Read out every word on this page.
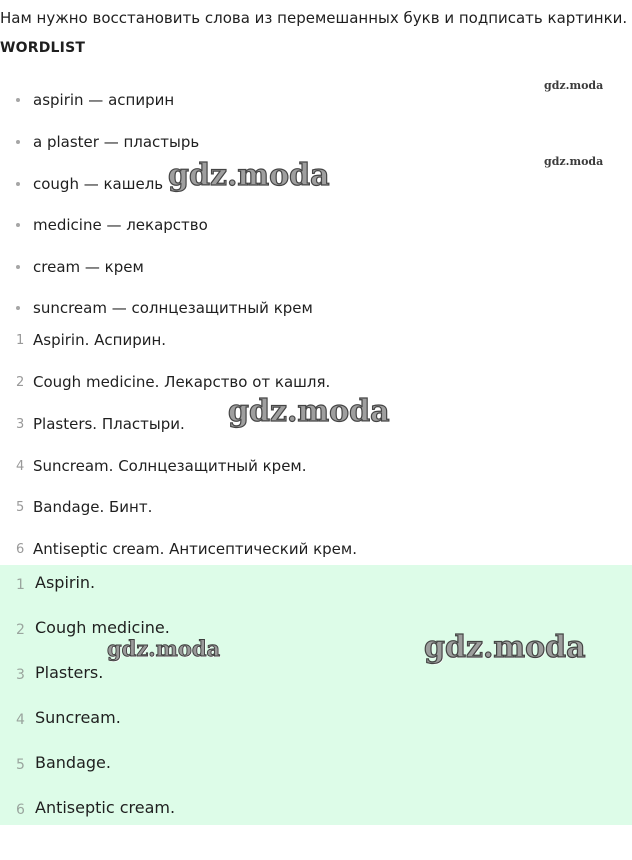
Нам нужно восстановить слова из перемешанных букв и подписать картинки.
WORDLIST
aspirin — аспирин
a plaster — пластырь
cough — кашель
medicine — лекарство
cream — крем
suncream — солнцезащитный крем
1 Aspirin. Аспирин.
2 Cough medicine. Лекарство от кашля.
3 Plasters. Пластыри.
4 Suncream. Солнцезащитный крем.
5 Bandage. Бинт.
6 Antiseptic cream. Антисептический крем.
1 Aspirin.
2 Cough medicine.
3 Plasters.
4 Suncream.
5 Bandage.
6 Antiseptic cream.
gdz.moda
gdz.moda
gdz.moda
gdz.moda
gdz.moda	gdz.moda
